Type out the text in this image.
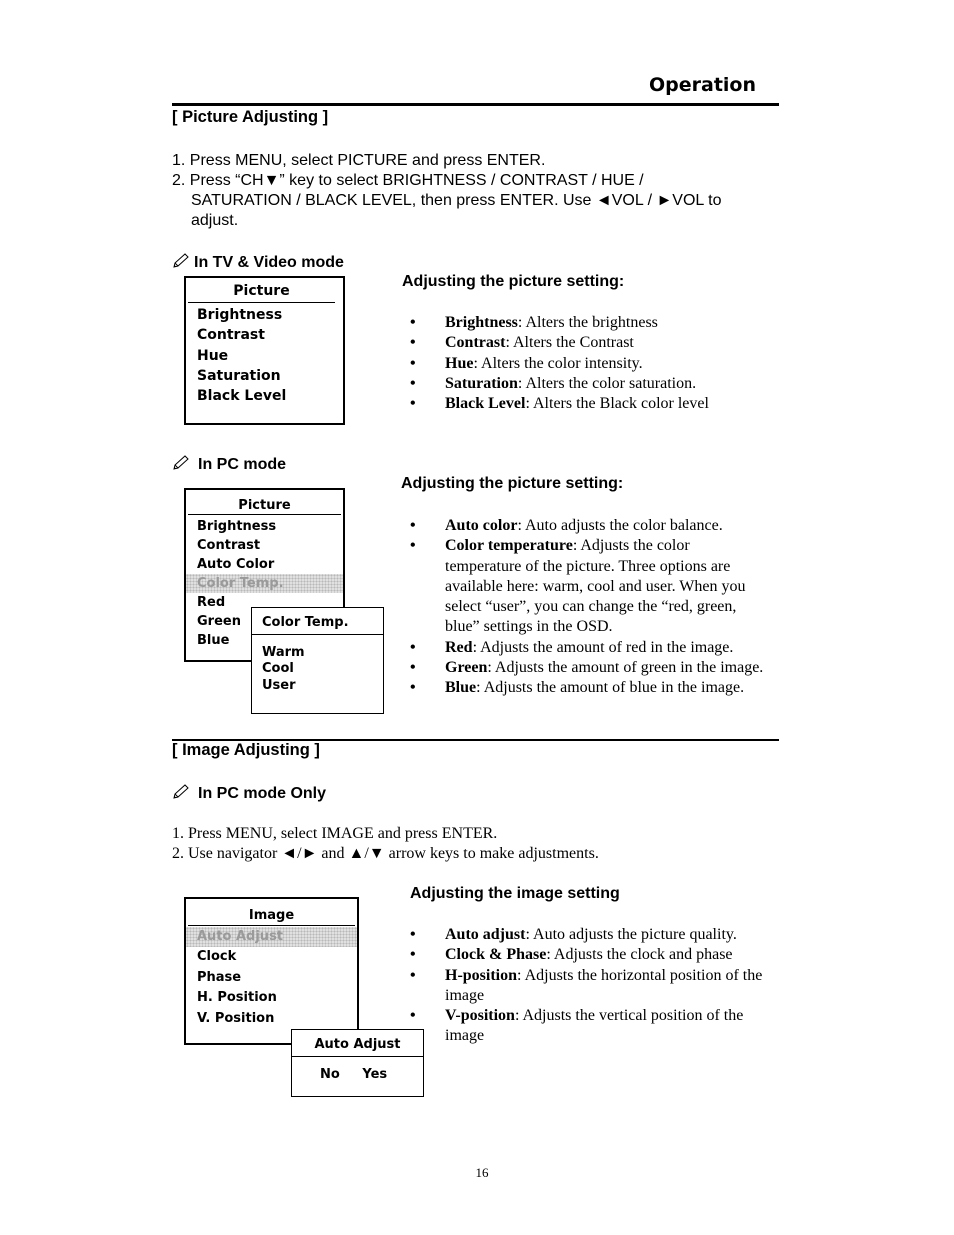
Operation
[ Picture Adjusting ]
1. Press MENU, select PICTURE and press ENTER.
2. Press “CH▼” key to select BRIGHTNESS / CONTRAST / HUE /
SATURATION / BLACK LEVEL, then press ENTER. Use ◄VOL / ►VOL to
adjust.
In TV & Video mode
Picture
Brightness
Contrast
Hue
Saturation
Black Level
Adjusting the picture setting:
• Brightness: Alters the brightness
• Contrast: Alters the Contrast
• Hue: Alters the color intensity.
• Saturation: Alters the color saturation.
• Black Level: Alters the Black color level
In PC mode
Picture
Brightness
Contrast
Auto Color
Color Temp.
Red
Green
Blue
Color Temp.
Warm
Cool
User
Adjusting the picture setting:
• Auto color: Auto adjusts the color balance.
• Color temperature: Adjusts the color
temperature of the picture. Three options are
available here: warm, cool and user. When you
select “user”, you can change the “red, green,
blue” settings in the OSD.
• Red: Adjusts the amount of red in the image.
• Green: Adjusts the amount of green in the image.
• Blue: Adjusts the amount of blue in the image.
[ Image Adjusting ]
In PC mode Only
1. Press MENU, select IMAGE and press ENTER.
2. Use navigator ◄/► and ▲/▼ arrow keys to make adjustments.
Adjusting the image setting
Image
Auto Adjust
Clock
Phase
H. Position
V. Position
Auto Adjust
No Yes
• Auto adjust: Auto adjusts the picture quality.
• Clock & Phase: Adjusts the clock and phase
• H-position: Adjusts the horizontal position of the
image
• V-position: Adjusts the vertical position of the
image
16
